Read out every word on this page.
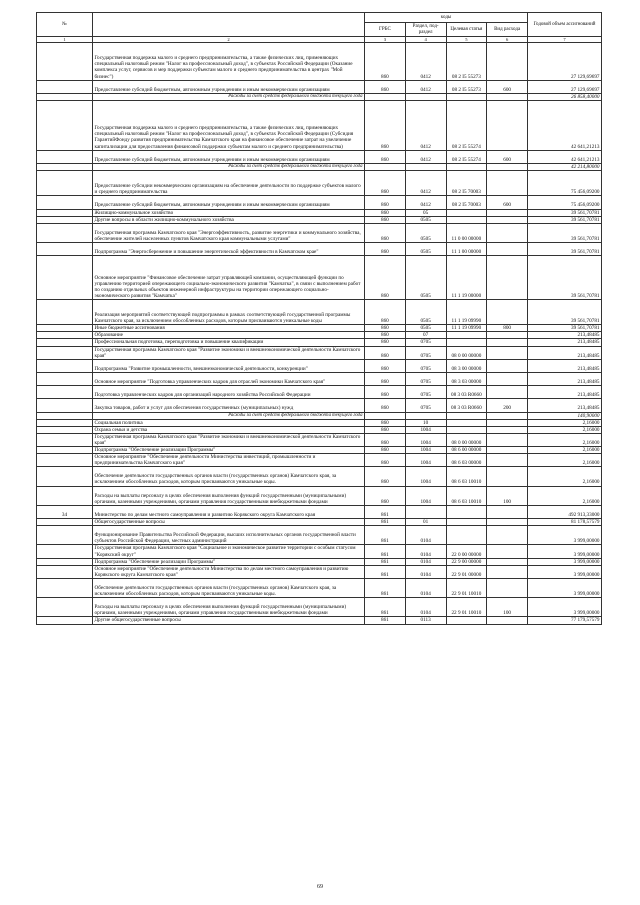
№		коды				Годовой объем ассигнований
		ГРБС	Раздел, под-раздел	Целевая статья	Вид расхода	
1	2	3	4	5	6	7
	Государственная поддержка малого и среднего предпринимательства, а также физических лиц, применяющих специальный налоговый режим "Налог на профессиональный доход", в субъектах Российской Федерации (Оказание комплекса услуг, сервисов и мер поддержки субъектам малого и среднего предпринимательства в центрах "Мой бизнес")	860	0412	08 2 I5 55273		27 129,69697
	Предоставление субсидий бюджетным, автономным учреждениям и иным некоммерческим организациям	860	0412	08 2 I5 55273	600	27 129,69697
	Расходы за счет средств федерального бюджета текущего года					26 858,40000
	Государственная поддержка малого и среднего предпринимательства, а также физических лиц, применяющих специальный налоговый режим "Налог на профессиональный доход", в субъектах Российской Федерации (Субсидия ГарантийФонду развития предпринимательства Камчатского края на финансовое обеспечение затрат на увеличение капитализации для предоставления финансовой поддержки субъектам малого и среднего предпринимательства)	860	0412	08 2 I5 55274		42 641,21213
	Предоставление субсидий бюджетным, автономным учреждениям и иным некоммерческим организациям	860	0412	08 2 I5 55274	600	42 641,21213
	Расходы за счет средств федерального бюджета текущего года					42 214,80000
	Предоставление субсидии некоммерческим организациям на обеспечение деятельности по поддержке субъектов малого и среднего предпринимательства	860	0412	08 2 I5 70003		75 456,09200
	Предоставление субсидий бюджетным, автономным учреждениям и иным некоммерческим организациям	860	0412	08 2 I5 70003	600	75 456,09200
	Жилищно-коммунальное хозяйство	860	05			39 561,70781
	Другие вопросы в области жилищно-коммунального хозяйства	860	0505			39 561,70781
	Государственная программа Камчатского края "Энергоэффективность, развитие энергетики и коммунального хозяйства, обеспечение жителей населенных пунктов Камчатского края коммунальными услугами"	860	0505	11 0 00 00000		39 561,70781
	Подпрограмма "Энергосбережение и повышение энергетической эффективности в Камчатском крае"	860	0505	11 1 00 00000		39 561,70781
	Основное мероприятие "Финансовое обеспечение затрат управляющей компании, осуществляющей функции по управлению территорией опережающего социально-экономического развития "Камчатка", в связи с выполнением работ по созданию отдельных объектов инженерной инфраструктуры на территории опережающего социально-экономического развития "Камчатка"	860	0505	11 1 19 00000		39 561,70781
	Реализация мероприятий соответствующей подпрограммы в рамках соответствующей государственной программы Камчатского края, за исключением обособленных расходов, которым присваиваются уникальные коды	860	0505	11 1 19 09990		39 561,70781
	Иные бюджетные ассигнования	860	0505	11 1 19 09990	800	39 561,70781
	Образование	860	07			213,48485
	Профессиональная подготовка, переподготовка и повышение квалификации	860	0705			213,48485
	Государственная программа Камчатского края "Развитие экономики и внешнеэкономической деятельности Камчатского края"	860	0705	08 0 00 00000		213,48485
	Подпрограмма "Развитие промышленности, внешнеэкономической деятельности, конкуренции"	860	0705	08 3 00 00000		213,48485
	Основное мероприятие "Подготовка управленческих кадров для отраслей экономики Камчатского края"	860	0705	08 3 03 00000		213,48485
	Подготовка управленческих кадров для организаций народного хозяйства Российской Федерации	860	0705	08 3 03 R0660		213,48485
	Закупка товаров, работ и услуг для обеспечения государственных (муниципальных) нужд	860	0705	08 3 03 R0660	200	213,48485
	Расходы за счет средств федерального бюджета текущего года					140,90000
	Социальная политика	860	10			2,16000
	Охрана семьи и детства	860	1004			2,16000
	Государственная программа Камчатского края "Развитие экономики и внешнеэкономической деятельности Камчатского края"	860	1004	08 0 00 00000		2,16000
	Подпрограмма "Обеспечение реализации Программы"	860	1004	08 6 00 00000		2,16000
	Основное мероприятие "Обеспечение деятельности Министерства инвестиций, промышленности и предпринимательства Камчатского края"	860	1004	08 6 03 00000		2,16000
	Обеспечение деятельности государственных органов власти (государственных органов) Камчатского края, за исключением обособленных расходов, которым присваиваются уникальные коды.	860	1004	08 6 03 10010		2,16000
	Расходы на выплаты персоналу в целях обеспечения выполнения функций государственными (муниципальными) органами, казенными учреждениями, органами управления государственными внебюджетными фондами	860	1004	08 6 03 10010	100	2,16000
34	Министерство по делам местного самоуправления и развитию Корякского округа Камчатского края	861				492 913,33000
	Общегосударственные вопросы	861	01			81 178,57579
	Функционирование Правительства Российской Федерации, высших исполнительных органов государственной власти субъектов Российской Федерации, местных администраций	861	0104			3 999,00000
	Государственная программа Камчатского края "Социальное и экономическое развитие территории с особым статусом "Корякский округ"	861	0104	22 0 00 00000		3 999,00000
	Подпрограмма "Обеспечение реализации Программы"	861	0104	22 9 00 00000		3 999,00000
	Основное мероприятие "Обеспечение деятельности Министерства по делам местного самоуправления и развитию Корякского округа Камчатского края"	861	0104	22 9 01 00000		3 999,00000
	Обеспечение деятельности государственных органов власти (государственных органов) Камчатского края, за исключением обособленных расходов, которым присваиваются уникальные коды.	861	0104	22 9 01 10010		3 999,00000
	Расходы на выплаты персоналу в целях обеспечения выполнения функций государственными (муниципальными) органами, казенными учреждениями, органами управления государственными внебюджетными фондами	861	0104	22 9 01 10010	100	3 999,00000
	Другие общегосударственные вопросы	861	0113			77 179,57579
69
